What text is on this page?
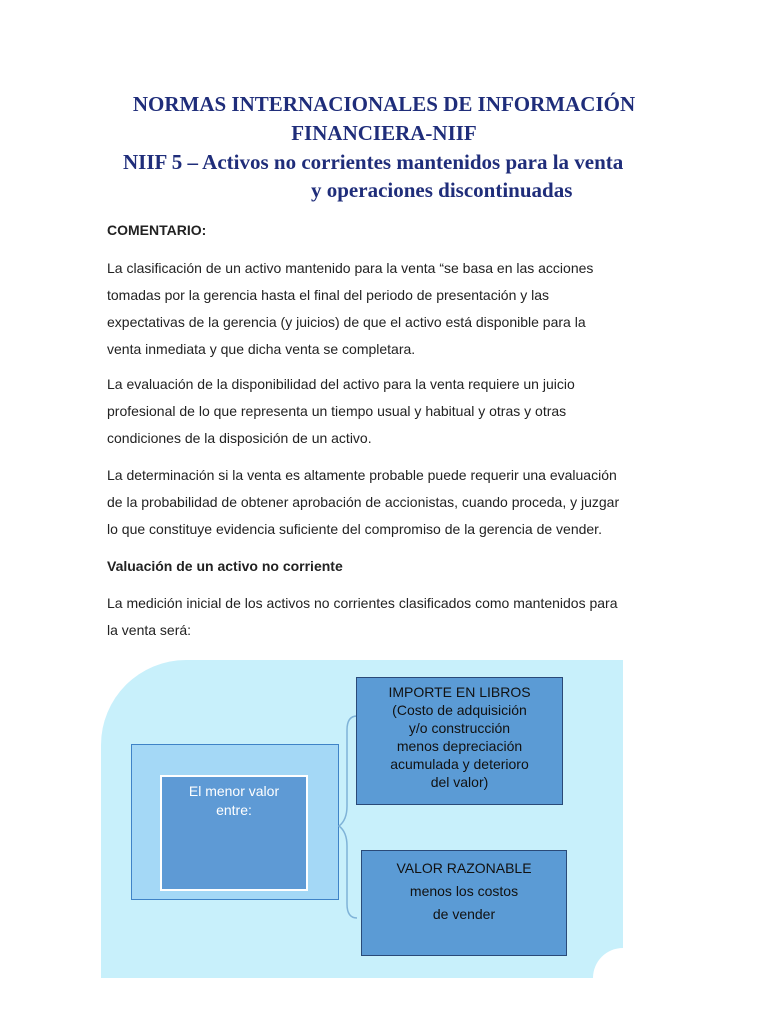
NORMAS INTERNACIONALES DE INFORMACIÓN
FINANCIERA-NIIF
NIIF 5 – Activos no corrientes mantenidos para la venta
y operaciones discontinuadas

COMENTARIO:

La clasificación de un activo mantenido para la venta “se basa en las acciones
tomadas por la gerencia hasta el final del periodo de presentación y las
expectativas de la gerencia (y juicios) de que el activo está disponible para la
venta inmediata y que dicha venta se completara.

La evaluación de la disponibilidad del activo para la venta requiere un juicio
profesional de lo que representa un tiempo usual y habitual y otras y otras
condiciones de la disposición de un activo.

La determinación si la venta es altamente probable puede requerir una evaluación
de la probabilidad de obtener aprobación de accionistas, cuando proceda, y juzgar
lo que constituye evidencia suficiente del compromiso de la gerencia de vender.

Valuación de un activo no corriente

La medición inicial de los activos no corrientes clasificados como mantenidos para
la venta será:

El menor valor
entre:
IMPORTE EN LIBROS
(Costo de adquisición
y/o construcción
menos depreciación
acumulada y deterioro
del valor)
VALOR RAZONABLE
menos los costos
de vender
